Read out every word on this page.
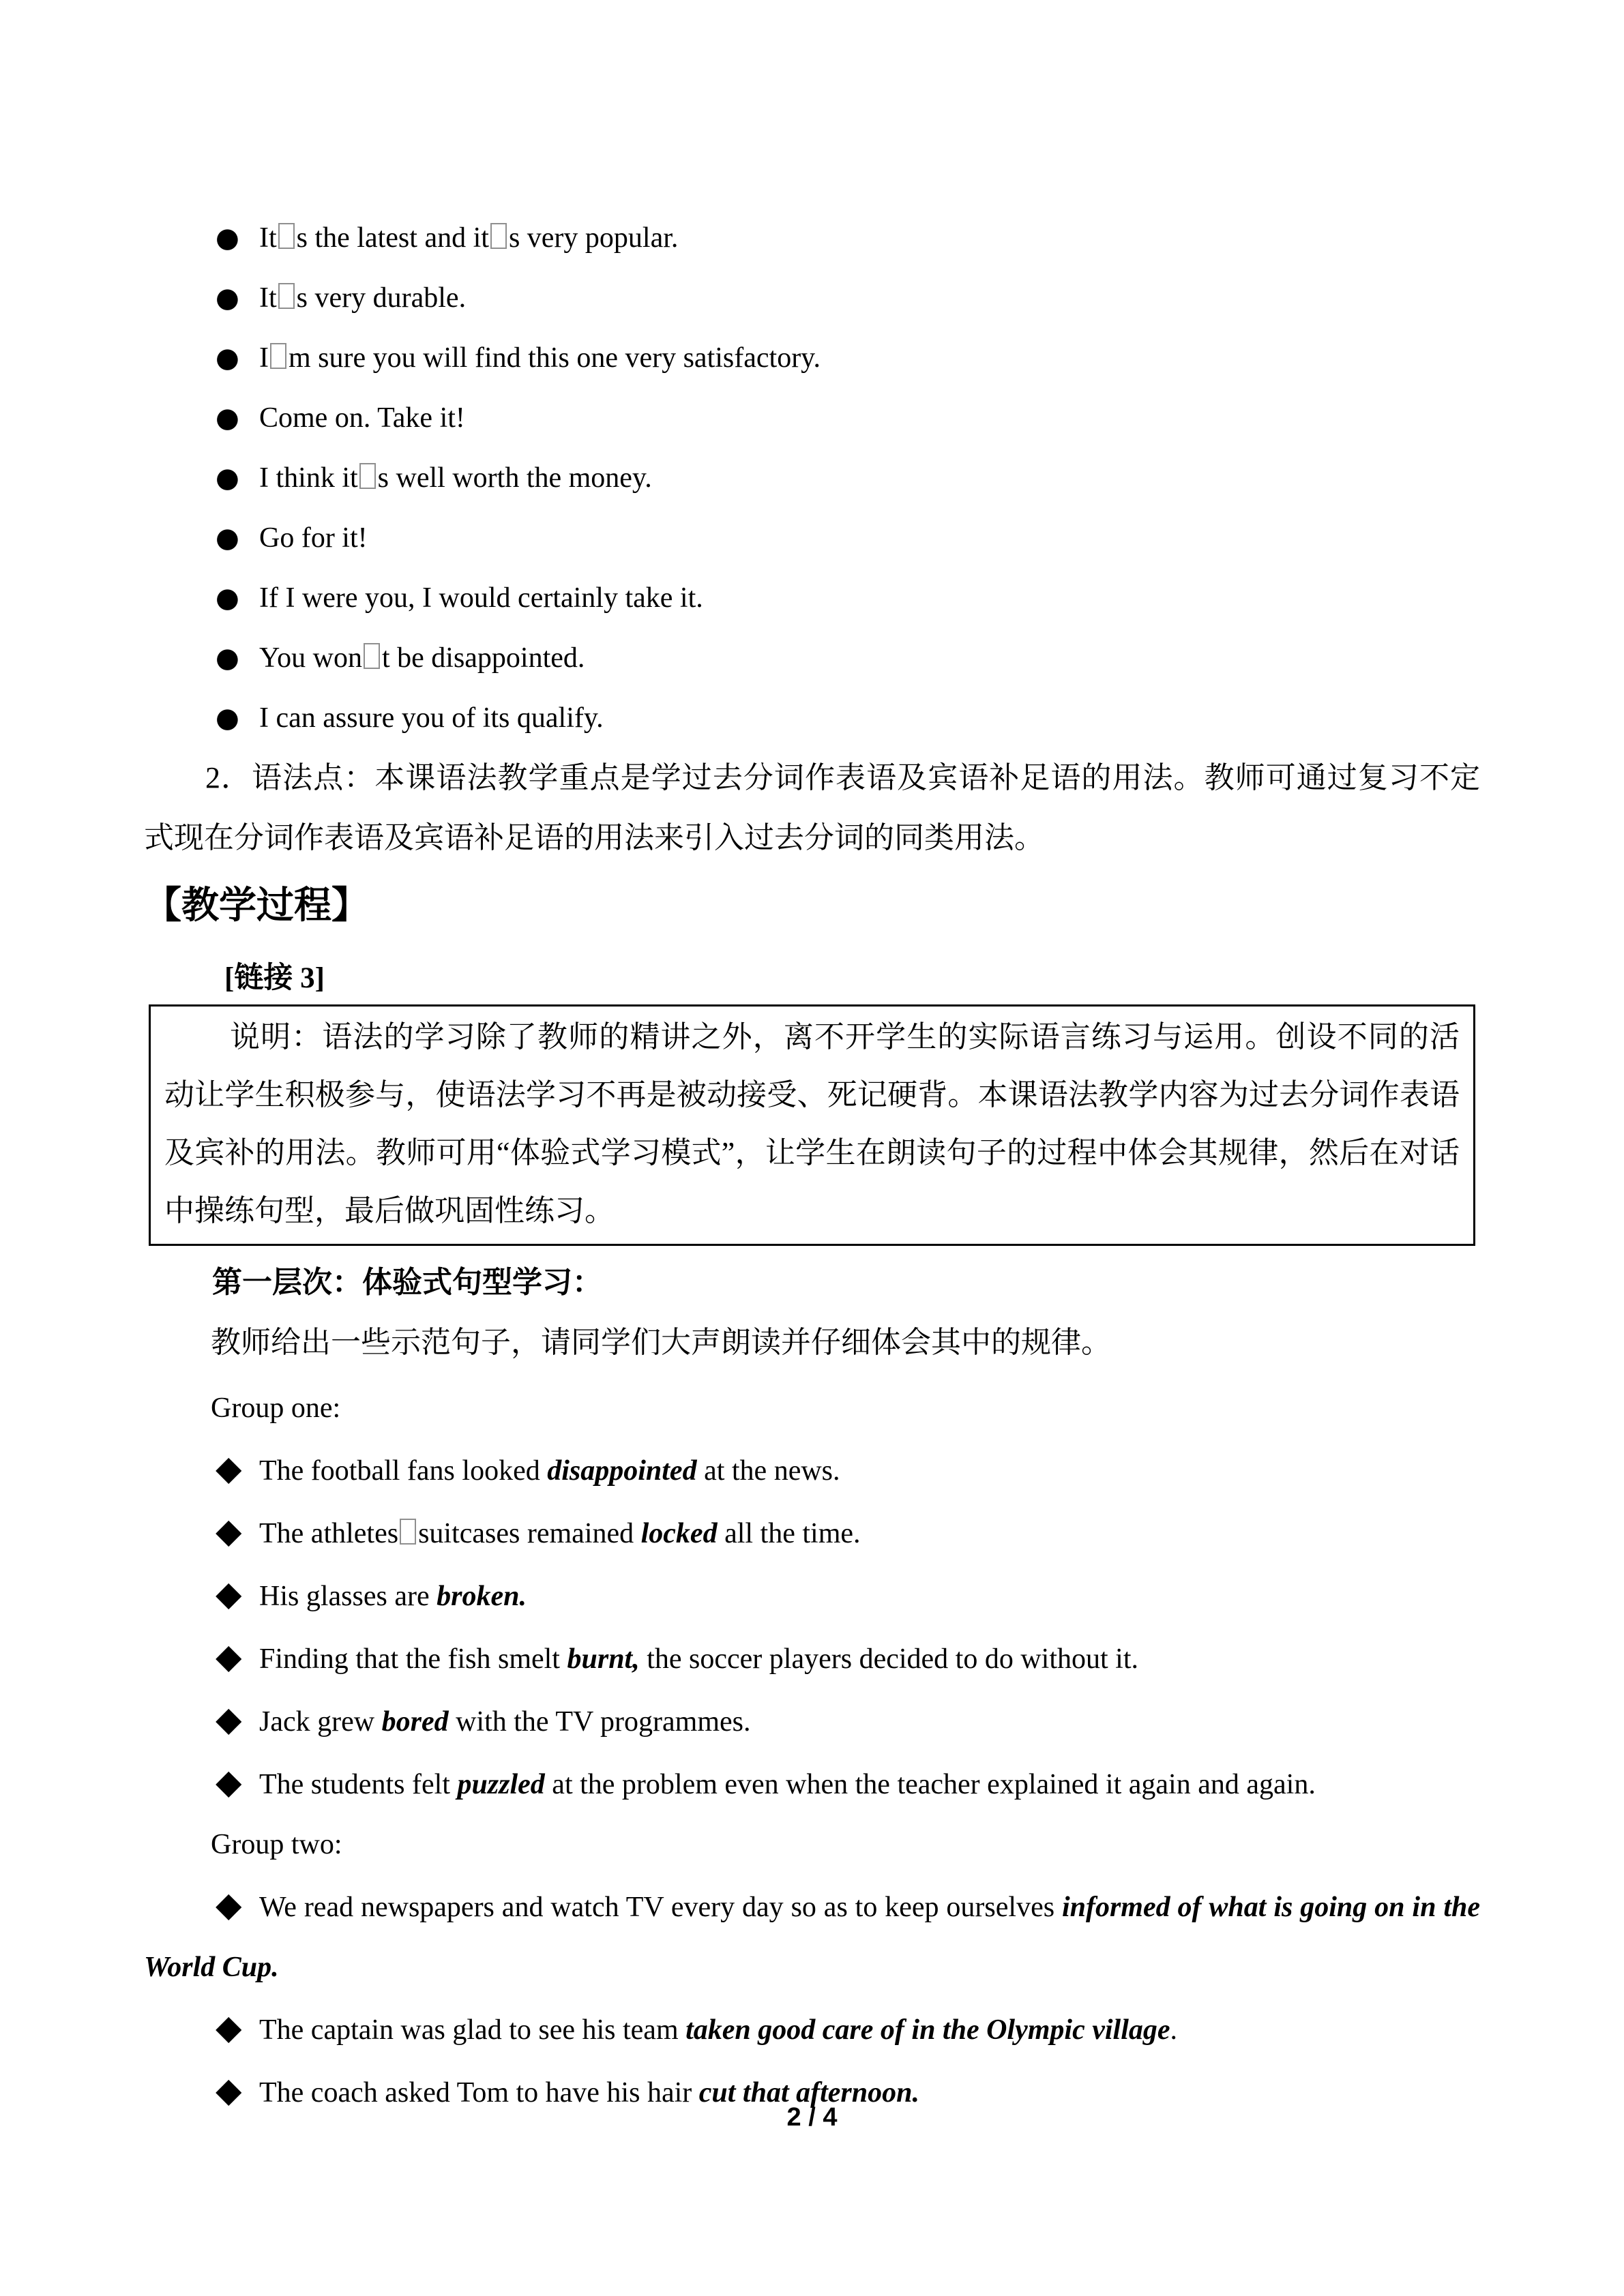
● It s the latest and it s very popular.

● It s very durable.

● I m sure you will find this one very satisfactory.

● Come on. Take it!

● I think it s well worth the money.

● Go for it!

● If I were you, I would certainly take it.

● You won t be disappointed.

● I can assure you of its qualify.

2．语法点：本课语法教学重点是学过去分词作表语及宾语补足语的用法。教师可通过复习不定式现在分词作表语及宾语补足语的用法来引入过去分词的同类用法。

【教学过程】

[链接 3]

说明：语法的学习除了教师的精讲之外，离不开学生的实际语言练习与运用。创设不同的活动让学生积极参与，使语法学习不再是被动接受、死记硬背。本课语法教学内容为过去分词作表语及宾补的用法。教师可用“体验式学习模式”，让学生在朗读句子的过程中体会其规律，然后在对话中操练句型，最后做巩固性练习。

第一层次：体验式句型学习：

教师给出一些示范句子，请同学们大声朗读并仔细体会其中的规律。

Group one:

◆ The football fans looked disappointed at the news.

◆ The athletes suitcases remained locked all the time.

◆ His glasses are broken.

◆ Finding that the fish smelt burnt, the soccer players decided to do without it.

◆ Jack grew bored with the TV programmes.

◆ The students felt puzzled at the problem even when the teacher explained it again and again.

Group two:

◆ We read newspapers and watch TV every day so as to keep ourselves informed of what is going on in the World Cup.

◆ The captain was glad to see his team taken good care of in the Olympic village.

◆ The coach asked Tom to have his hair cut that afternoon.

2 / 4
